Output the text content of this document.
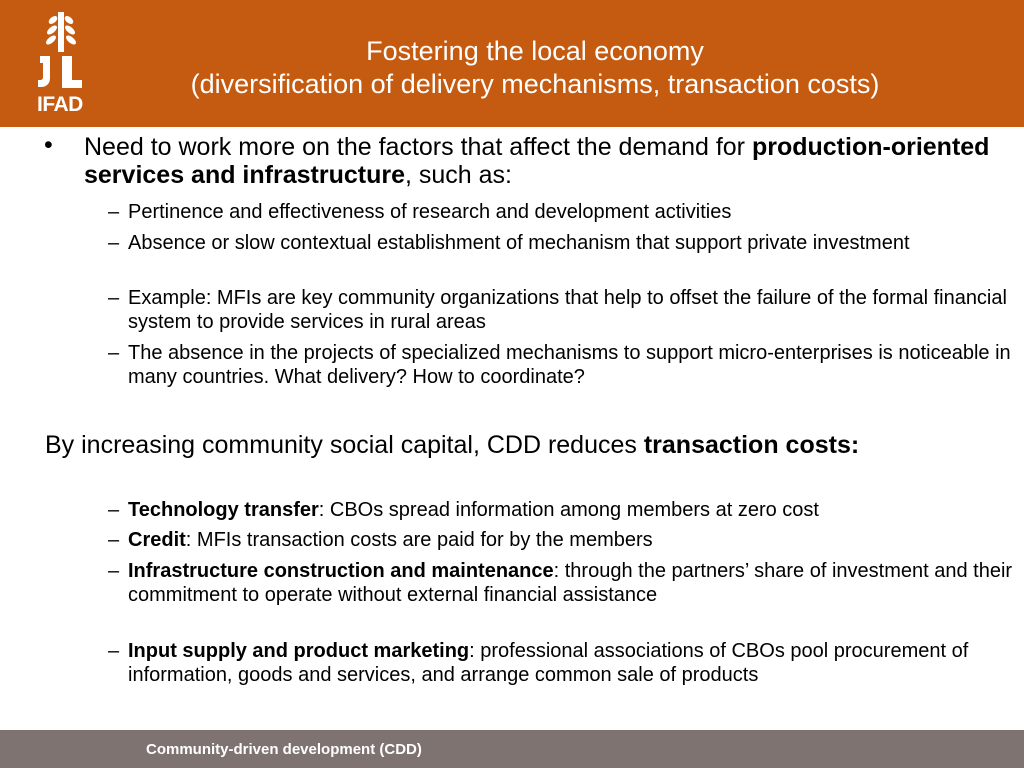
IFAD
Fostering the local economy
(diversification of delivery mechanisms, transaction costs)
• Need to work more on the factors that affect the demand for production-oriented services and infrastructure, such as:
– Pertinence and effectiveness of research and development activities
– Absence or slow contextual establishment of mechanism that support private investment
– Example: MFIs are key community organizations that help to offset the failure of the formal financial system to provide services in rural areas
– The absence in the projects of specialized mechanisms to support micro-enterprises is noticeable in many countries. What delivery? How to coordinate?
By increasing community social capital, CDD reduces transaction costs:
– Technology transfer: CBOs spread information among members at zero cost
– Credit: MFIs transaction costs are paid for by the members
– Infrastructure construction and maintenance: through the partners’ share of investment and their commitment to operate without external financial assistance
– Input supply and product marketing: professional associations of CBOs pool procurement of information, goods and services, and arrange common sale of products
Community-driven development (CDD)
